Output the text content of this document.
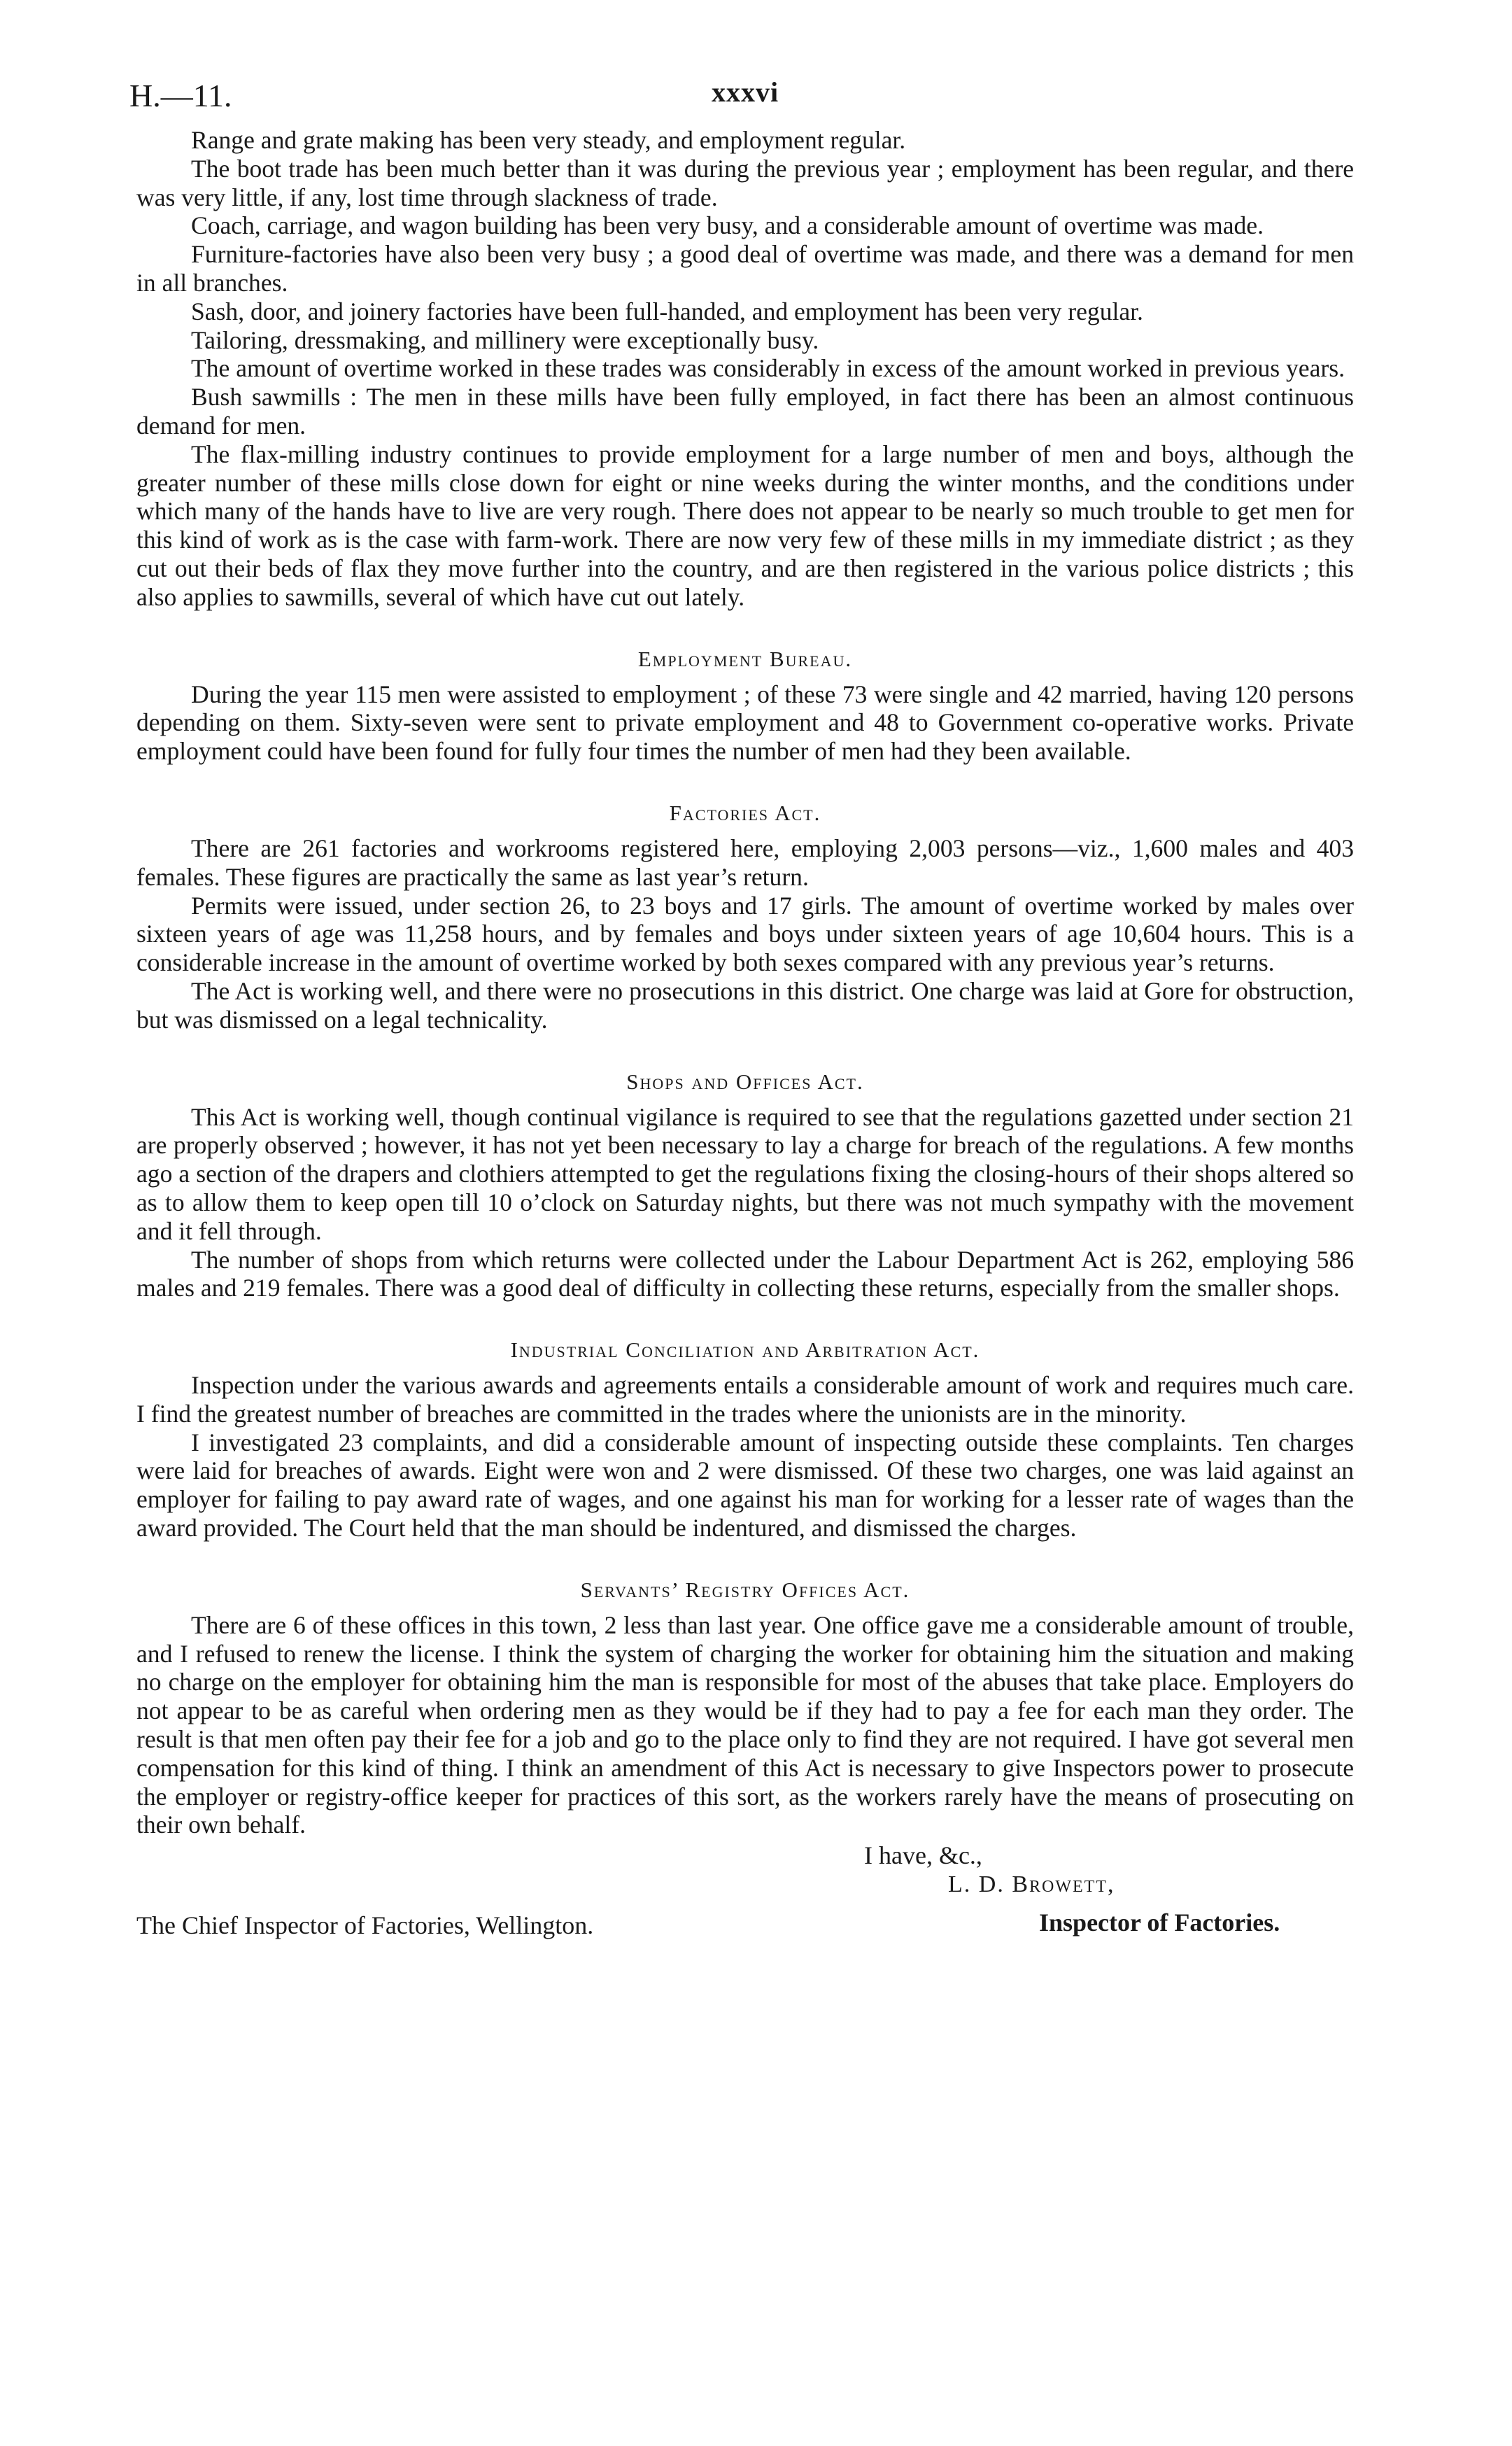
H.—11.	xxxvi

Range and grate making has been very steady, and employment regular.

The boot trade has been much better than it was during the previous year ; employment has been regular, and there was very little, if any, lost time through slackness of trade.

Coach, carriage, and wagon building has been very busy, and a considerable amount of overtime was made.

Furniture-factories have also been very busy ; a good deal of overtime was made, and there was a demand for men in all branches.

Sash, door, and joinery factories have been full-handed, and employment has been very regular.

Tailoring, dressmaking, and millinery were exceptionally busy.

The amount of overtime worked in these trades was considerably in excess of the amount worked in previous years.

Bush sawmills : The men in these mills have been fully employed, in fact there has been an almost continuous demand for men.

The flax-milling industry continues to provide employment for a large number of men and boys, although the greater number of these mills close down for eight or nine weeks during the winter months, and the conditions under which many of the hands have to live are very rough. There does not appear to be nearly so much trouble to get men for this kind of work as is the case with farm-work. There are now very few of these mills in my immediate district ; as they cut out their beds of flax they move further into the country, and are then registered in the various police districts ; this also applies to sawmills, several of which have cut out lately.

Employment Bureau.

During the year 115 men were assisted to employment ; of these 73 were single and 42 married, having 120 persons depending on them. Sixty-seven were sent to private employment and 48 to Government co-operative works. Private employment could have been found for fully four times the number of men had they been available.

Factories Act.

There are 261 factories and workrooms registered here, employing 2,003 persons—viz., 1,600 males and 403 females. These figures are practically the same as last year’s return.

Permits were issued, under section 26, to 23 boys and 17 girls. The amount of overtime worked by males over sixteen years of age was 11,258 hours, and by females and boys under sixteen years of age 10,604 hours. This is a considerable increase in the amount of overtime worked by both sexes compared with any previous year’s returns.

The Act is working well, and there were no prosecutions in this district. One charge was laid at Gore for obstruction, but was dismissed on a legal technicality.

Shops and Offices Act.

This Act is working well, though continual vigilance is required to see that the regulations gazetted under section 21 are properly observed ; however, it has not yet been necessary to lay a charge for breach of the regulations. A few months ago a section of the drapers and clothiers attempted to get the regulations fixing the closing-hours of their shops altered so as to allow them to keep open till 10 o’clock on Saturday nights, but there was not much sympathy with the movement and it fell through.

The number of shops from which returns were collected under the Labour Department Act is 262, employing 586 males and 219 females. There was a good deal of difficulty in collecting these returns, especially from the smaller shops.

Industrial Conciliation and Arbitration Act.

Inspection under the various awards and agreements entails a considerable amount of work and requires much care. I find the greatest number of breaches are committed in the trades where the unionists are in the minority.

I investigated 23 complaints, and did a considerable amount of inspecting outside these complaints. Ten charges were laid for breaches of awards. Eight were won and 2 were dismissed. Of these two charges, one was laid against an employer for failing to pay award rate of wages, and one against his man for working for a lesser rate of wages than the award provided. The Court held that the man should be indentured, and dismissed the charges.

Servants’ Registry Offices Act.

There are 6 of these offices in this town, 2 less than last year. One office gave me a considerable amount of trouble, and I refused to renew the license. I think the system of charging the worker for obtaining him the situation and making no charge on the employer for obtaining him the man is responsible for most of the abuses that take place. Employers do not appear to be as careful when ordering men as they would be if they had to pay a fee for each man they order. The result is that men often pay their fee for a job and go to the place only to find they are not required. I have got several men compensation for this kind of thing. I think an amendment of this Act is necessary to give Inspectors power to prosecute the employer or registry-office keeper for practices of this sort, as the workers rarely have the means of prosecuting on their own behalf.

I have, &c.,
L. D. Browett,
The Chief Inspector of Factories, Wellington.	Inspector of Factories.
